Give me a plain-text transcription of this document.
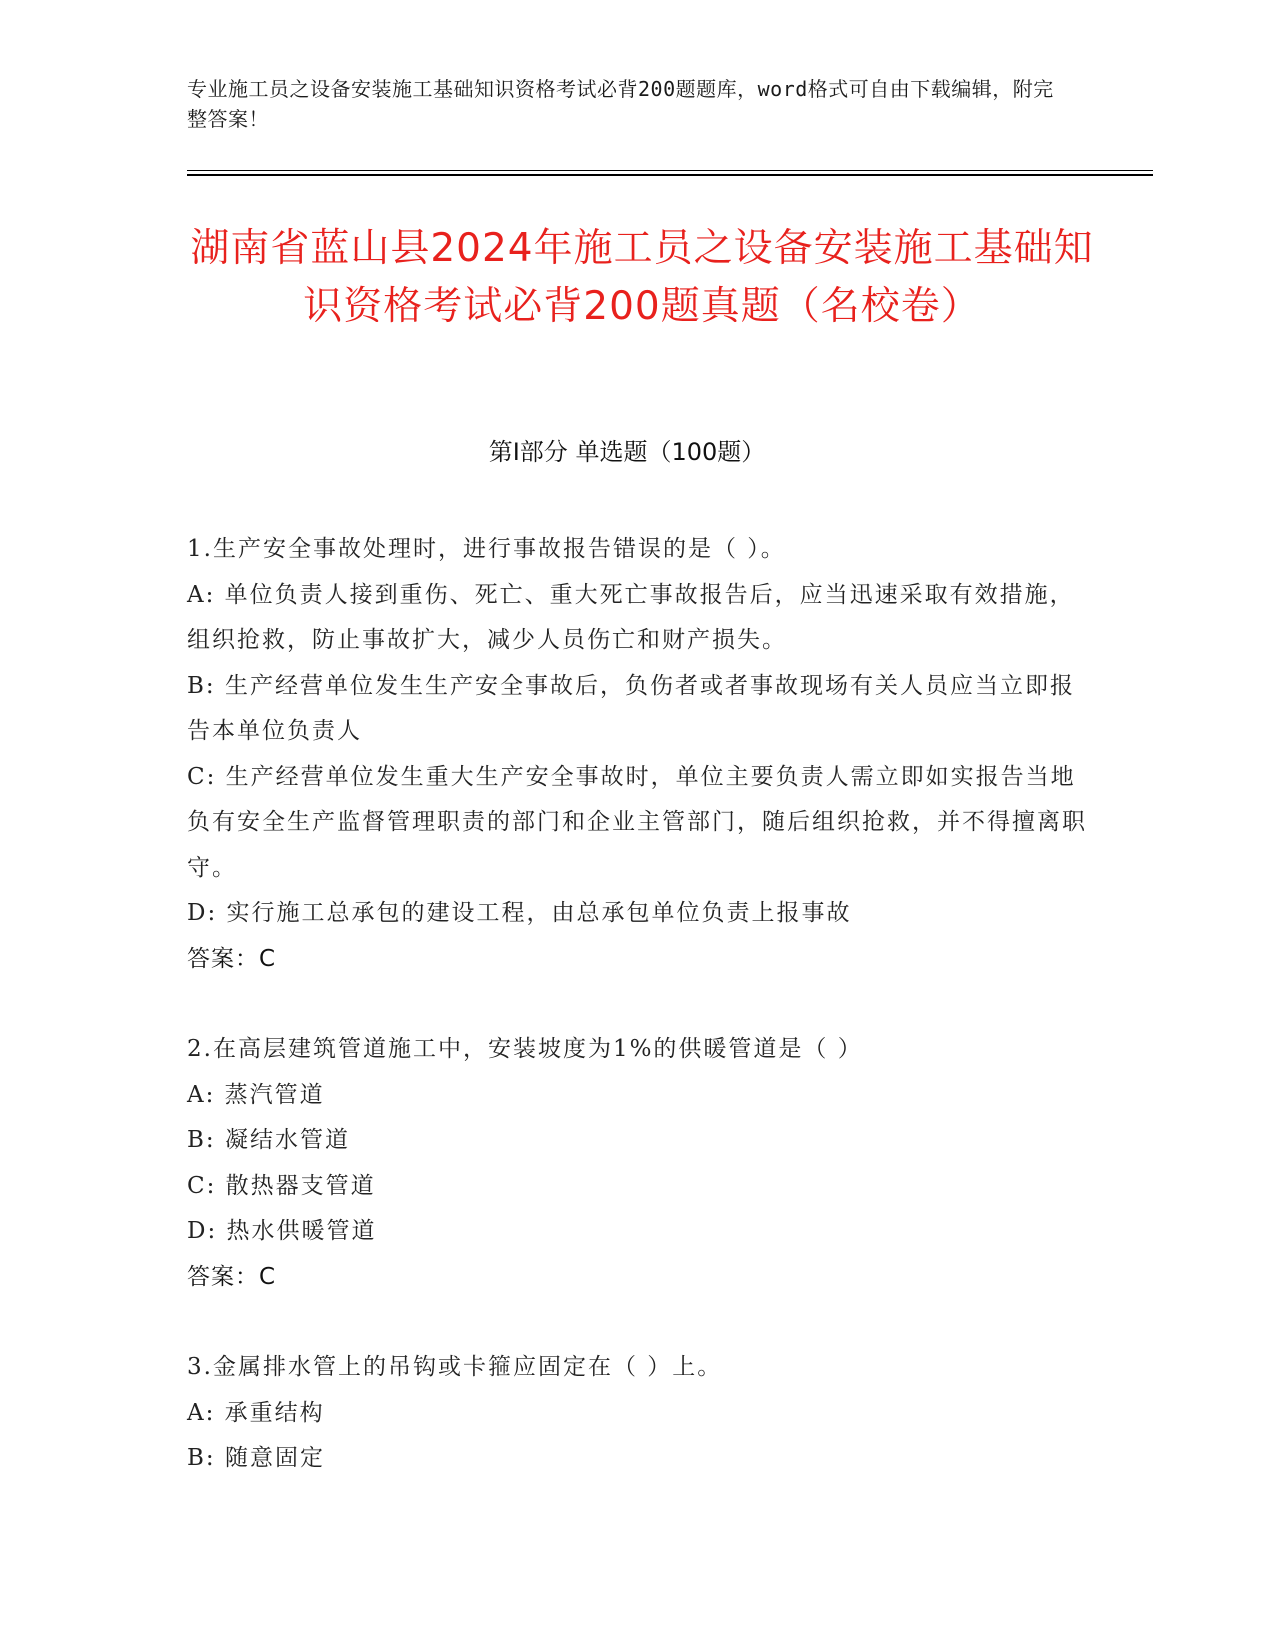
专业施工员之设备安装施工基础知识资格考试必背200题题库，word格式可自由下载编辑，附完整答案！
湖南省蓝山县2024年施工员之设备安装施工基础知识资格考试必背200题真题（名校卷）
第Ⅰ部分 单选题（100题）

1.生产安全事故处理时，进行事故报告错误的是（ ）。

A: 单位负责人接到重伤、死亡、重大死亡事故报告后，应当迅速采取有效措施，组织抢救，防止事故扩大，减少人员伤亡和财产损失。

B: 生产经营单位发生生产安全事故后，负伤者或者事故现场有关人员应当立即报告本单位负责人

C: 生产经营单位发生重大生产安全事故时，单位主要负责人需立即如实报告当地负有安全生产监督管理职责的部门和企业主管部门，随后组织抢救，并不得擅离职守。

D: 实行施工总承包的建设工程，由总承包单位负责上报事故

答案：C

2.在高层建筑管道施工中，安装坡度为1%的供暖管道是（ ）

A: 蒸汽管道

B: 凝结水管道

C: 散热器支管道

D: 热水供暖管道

答案：C

3.金属排水管上的吊钩或卡箍应固定在（ ）上。

A: 承重结构

B: 随意固定
